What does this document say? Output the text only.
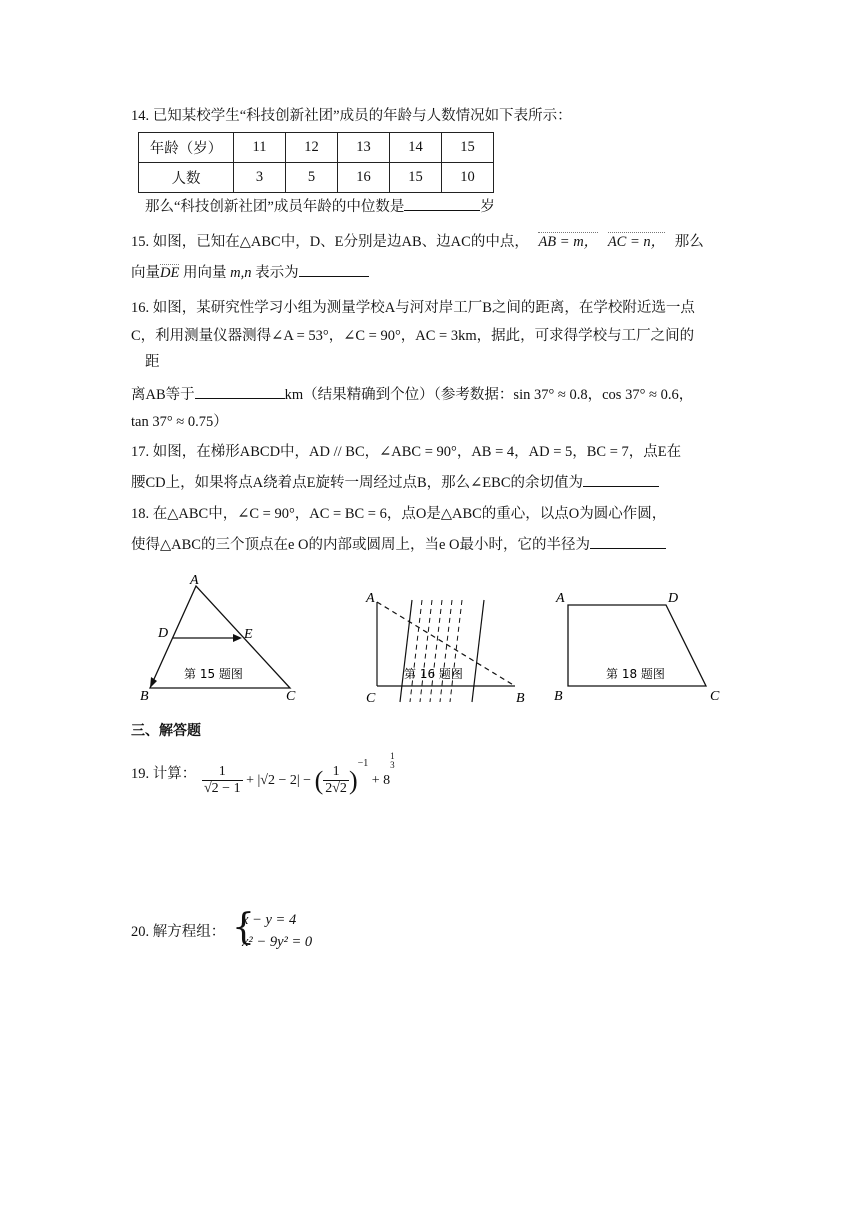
14. 已知某校学生“科技创新社团”成员的年龄与人数情况如下表所示：
年龄（岁）	11	12	13	14	15
人数	3	5	16	15	10
那么“科技创新社团”成员年龄的中位数是	岁
15. 如图，已知在△ABC中，D、E分别是边AB、边AC的中点， AB = m， AC = n， 那么
向量DE 用向量 m,n 表示为
16. 如图，某研究性学习小组为测量学校A与河对岸工厂B之间的距离，在学校附近选一点
C，利用测量仪器测得∠A = 53°，∠C = 90°，AC = 3km，据此，可求得学校与工厂之间的
距
离AB等于	km（结果精确到个位）（参考数据：sin 37° ≈ 0.8，cos 37° ≈ 0.6，
tan 37° ≈ 0.75）
17. 如图，在梯形ABCD中，AD // BC，∠ABC = 90°，AB = 4，AD = 5，BC = 7，点E在
腰CD上，如果将点A绕着点E旋转一周经过点B，那么∠EBC的余切值为
18. 在△ABC中，∠C = 90°，AC = BC = 6，点O是△ABC的重心，以点O为圆心作圆，
使得△ABC的三个顶点在e O的内部或圆周上，当e O最小时，它的半径为
A
D	E
B	C
第 15 题图
A
C	B
第 16 题图
A	D
B	C
第 18 题图
三、解答题
19. 计算： $\frac{1}{√2 - 1} + |√2 - 2|$ − ( $\frac{1}{2√2} )^{-1} + 8^{1 3}$
20. 解方程组： {
x − y = 4
x² − 9y² = 0
